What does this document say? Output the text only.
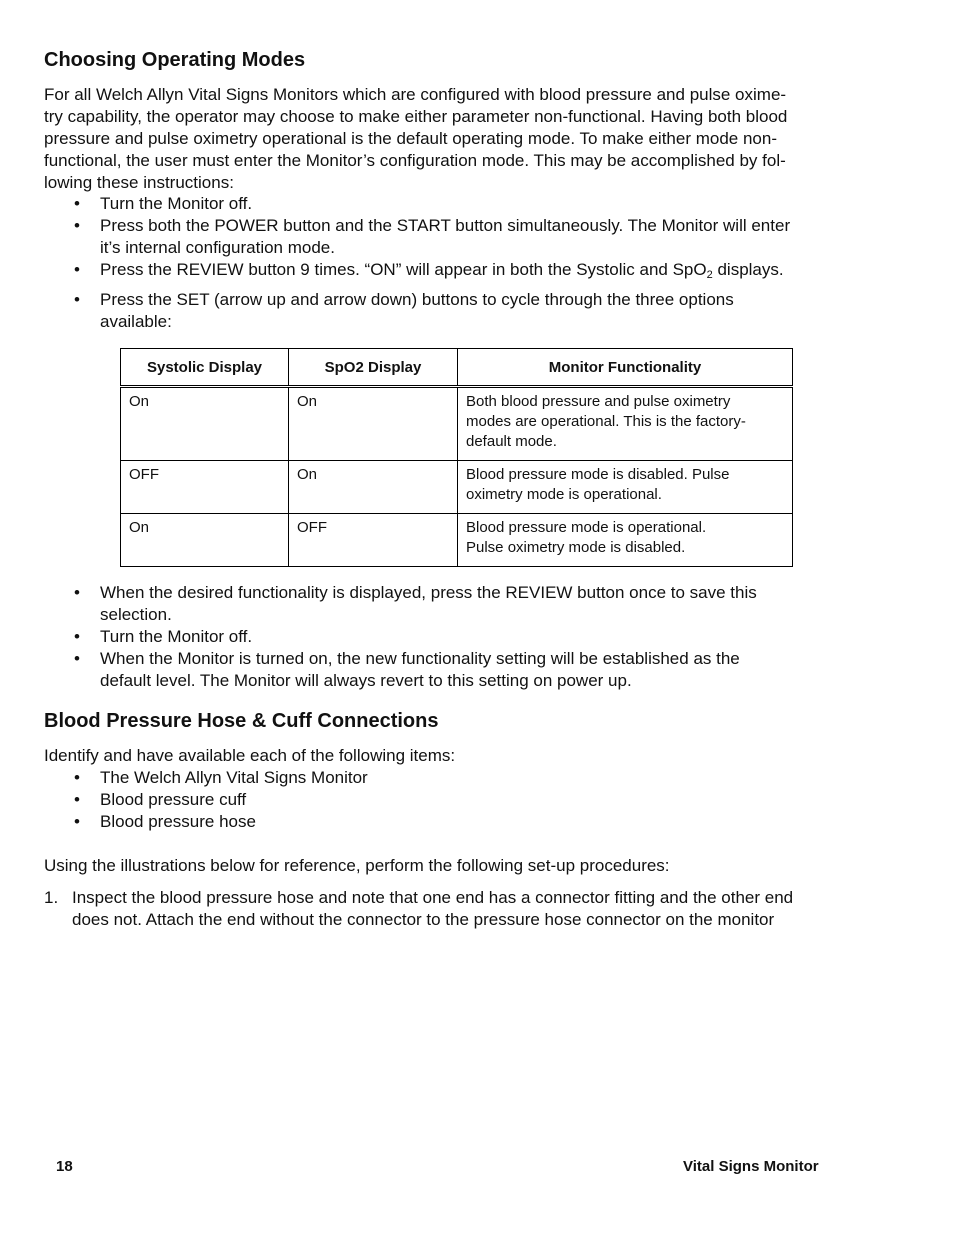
Choosing Operating Modes

For all Welch Allyn Vital Signs Monitors which are configured with blood pressure and pulse oxime-
try capability, the operator may choose to make either parameter non-functional. Having both blood
pressure and pulse oximetry operational is the default operating mode. To make either mode non-
functional, the user must enter the Monitor’s configuration mode. This may be accomplished by fol-
lowing these instructions:

• Turn the Monitor off.
• Press both the POWER button and the START button simultaneously. The Monitor will enter
it’s internal configuration mode.
• Press the REVIEW button 9 times. “ON” will appear in both the Systolic and SpO$_2$ displays.
• Press the SET (arrow up and arrow down) buttons to cycle through the three options
available:
Systolic Display	SpO2 Display	Monitor Functionality
On	On	Both blood pressure and pulse oximetry
modes are operational. This is the factory-
default mode.
OFF	On	Blood pressure mode is disabled. Pulse
oximetry mode is operational.
On	OFF	Blood pressure mode is operational.
Pulse oximetry mode is disabled.
• When the desired functionality is displayed, press the REVIEW button once to save this
selection.
• Turn the Monitor off.
• When the Monitor is turned on, the new functionality setting will be established as the
default level. The Monitor will always revert to this setting on power up.
Blood Pressure Hose & Cuff Connections

Identify and have available each of the following items:

• The Welch Allyn Vital Signs Monitor
• Blood pressure cuff
• Blood pressure hose

Using the illustrations below for reference, perform the following set-up procedures:

1. Inspect the blood pressure hose and note that one end has a connector fitting and the other end
does not. Attach the end without the connector to the pressure hose connector on the monitor
18	Vital Signs Monitor
